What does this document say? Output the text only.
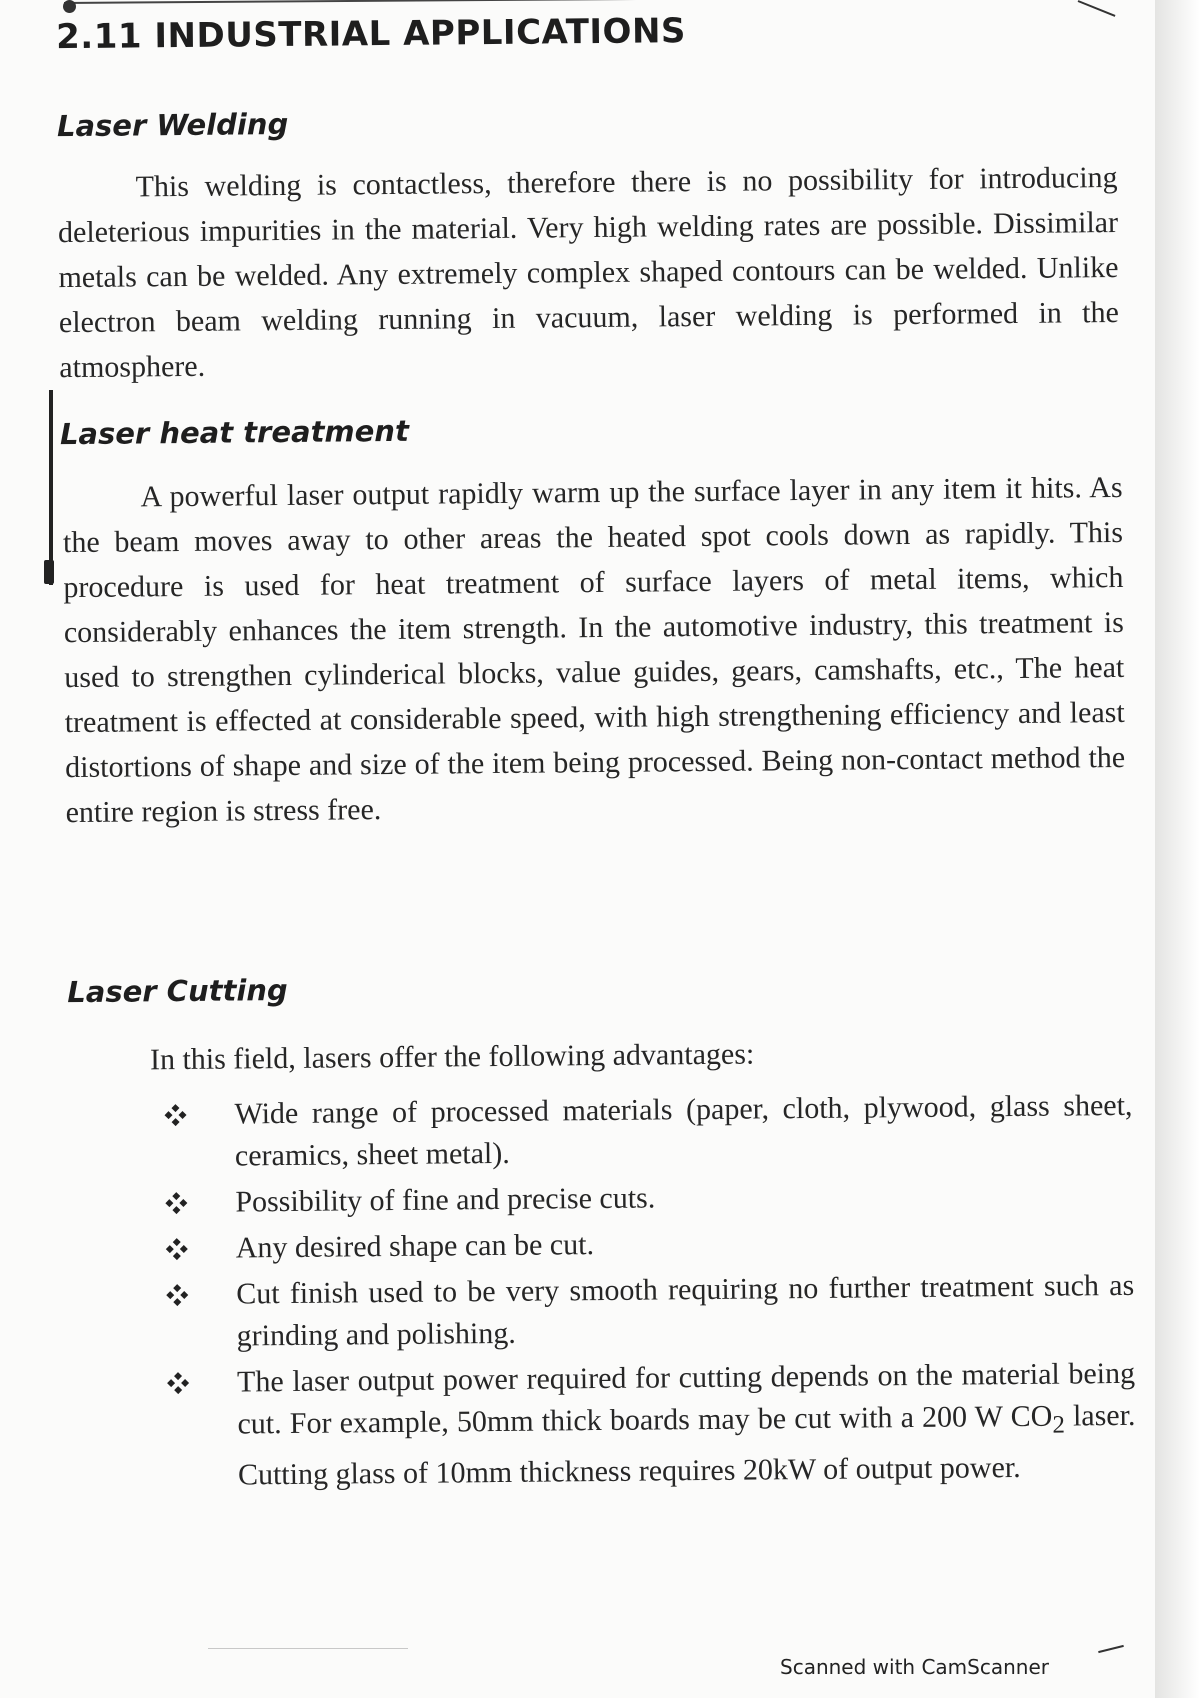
2.11 INDUSTRIAL APPLICATIONS
Laser Welding

This welding is contactless, therefore there is no possibility for introducing deleterious impurities in the material. Very high welding rates are possible. Dissimilar metals can be welded. Any extremely complex shaped contours can be welded. Unlike electron beam welding running in vacuum, laser welding is performed in the atmosphere.

Laser heat treatment

A powerful laser output rapidly warm up the surface layer in any item it hits. As the beam moves away to other areas the heated spot cools down as rapidly. This procedure is used for heat treatment of surface layers of metal items, which considerably enhances the item strength. In the automotive industry, this treatment is used to strengthen cylinderical blocks, value guides, gears, camshafts, etc., The heat treatment is effected at considerable speed, with high strengthening efficiency and least distortions of shape and size of the item being processed. Being non-contact method the entire region is stress free.

Laser Cutting

In this field, lasers offer the following advantages:

Wide range of processed materials (paper, cloth, plywood, glass sheet, ceramics, sheet metal).
Possibility of fine and precise cuts.
Any desired shape can be cut.
Cut finish used to be very smooth requiring no further treatment such as grinding and polishing.
The laser output power required for cutting depends on the material being cut. For example, 50mm thick boards may be cut with a 200 W $CO_2$ laser. Cutting glass of 10mm thickness requires 20kW of output power.
Scanned with CamScanner
